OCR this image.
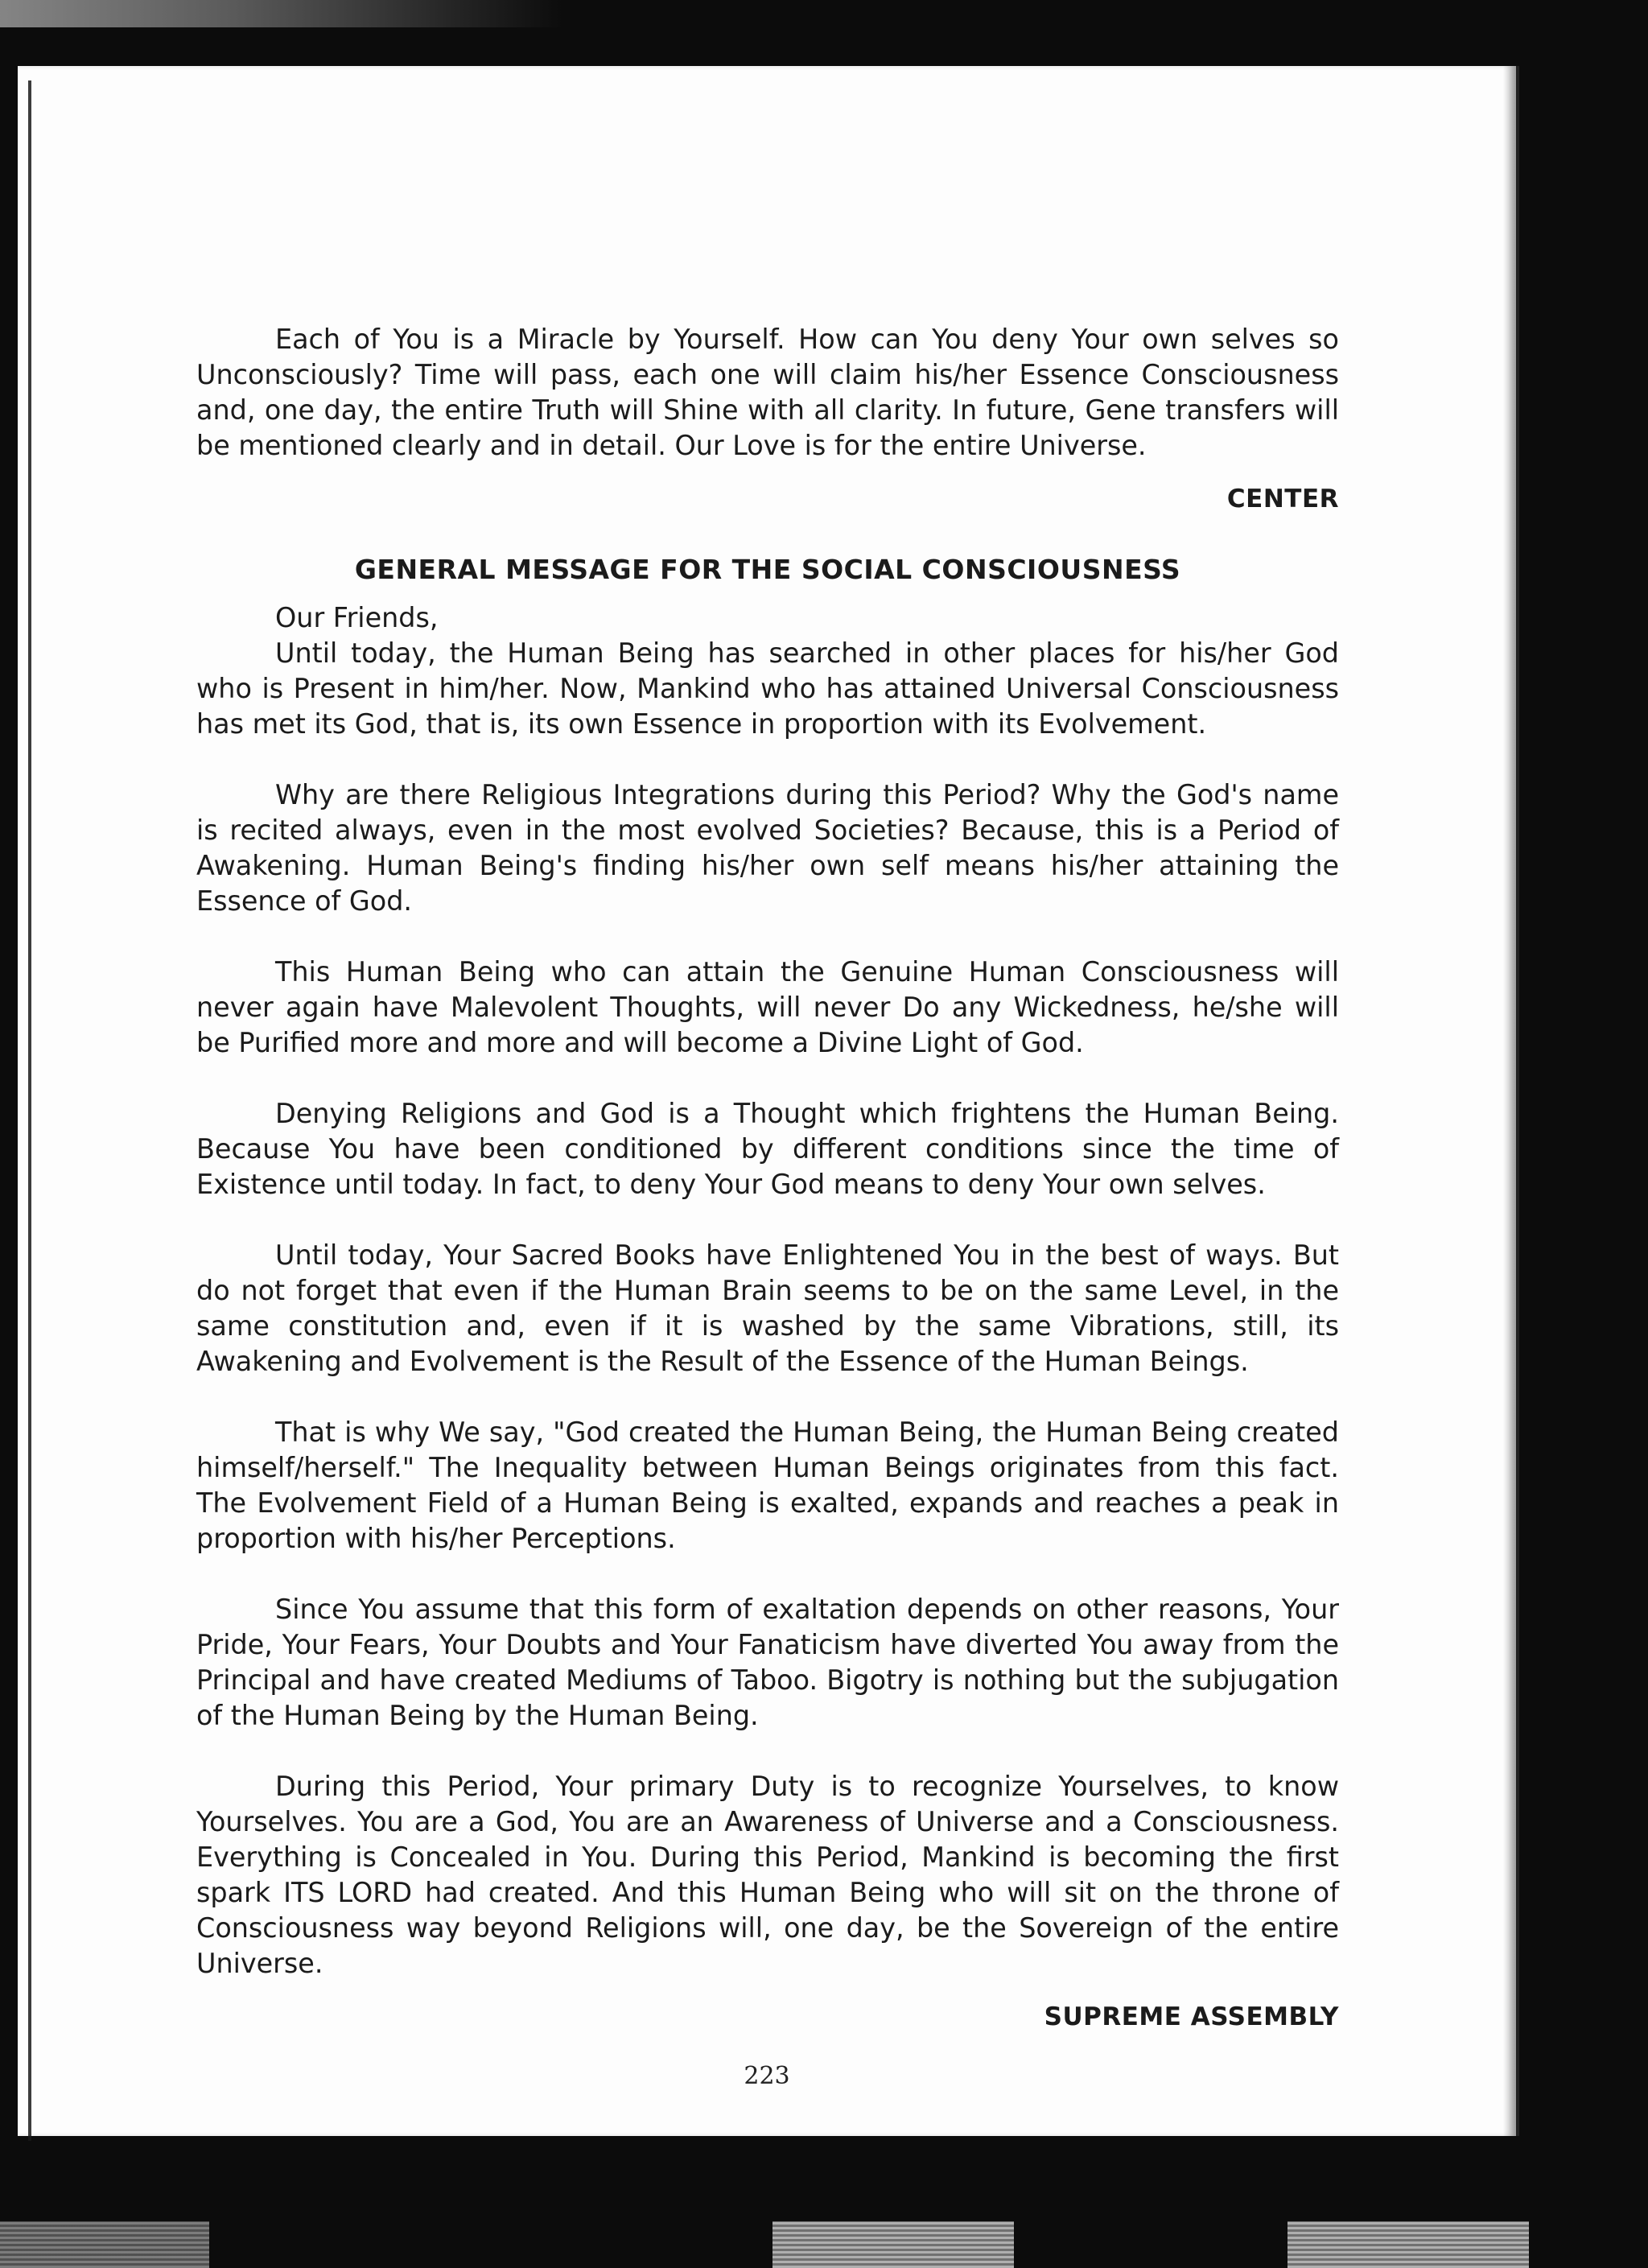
Each of You is a Miracle by Yourself. How can You deny Your own selves so Unconsciously? Time will pass, each one will claim his/her Essence Consciousness and, one day, the entire Truth will Shine with all clarity. In future, Gene transfers will be mentioned clearly and in detail. Our Love is for the entire Universe.

CENTER
GENERAL MESSAGE FOR THE SOCIAL CONSCIOUSNESS

Our Friends,

Until today, the Human Being has searched in other places for his/her God who is Present in him/her. Now, Mankind who has attained Universal Consciousness has met its God, that is, its own Essence in proportion with its Evolvement.

Why are there Religious Integrations during this Period? Why the God's name is recited always, even in the most evolved Societies? Because, this is a Period of Awakening. Human Being's finding his/her own self means his/her attaining the Essence of God.

This Human Being who can attain the Genuine Human Consciousness will never again have Malevolent Thoughts, will never Do any Wickedness, he/she will be Purified more and more and will become a Divine Light of God.

Denying Religions and God is a Thought which frightens the Human Being. Because You have been conditioned by different conditions since the time of Existence until today. In fact, to deny Your God means to deny Your own selves.

Until today, Your Sacred Books have Enlightened You in the best of ways. But do not forget that even if the Human Brain seems to be on the same Level, in the same constitution and, even if it is washed by the same Vibrations, still, its Awakening and Evolvement is the Result of the Essence of the Human Beings.

That is why We say, "God created the Human Being, the Human Being created himself/herself." The Inequality between Human Beings originates from this fact. The Evolvement Field of a Human Being is exalted, expands and reaches a peak in proportion with his/her Perceptions.

Since You assume that this form of exaltation depends on other reasons, Your Pride, Your Fears, Your Doubts and Your Fanaticism have diverted You away from the Principal and have created Mediums of Taboo. Bigotry is nothing but the subjugation of the Human Being by the Human Being.

During this Period, Your primary Duty is to recognize Yourselves, to know Yourselves. You are a God, You are an Awareness of Universe and a Consciousness. Everything is Concealed in You. During this Period, Mankind is becoming the first spark ITS LORD had created. And this Human Being who will sit on the throne of Consciousness way beyond Religions will, one day, be the Sovereign of the entire Universe.

SUPREME ASSEMBLY
223
